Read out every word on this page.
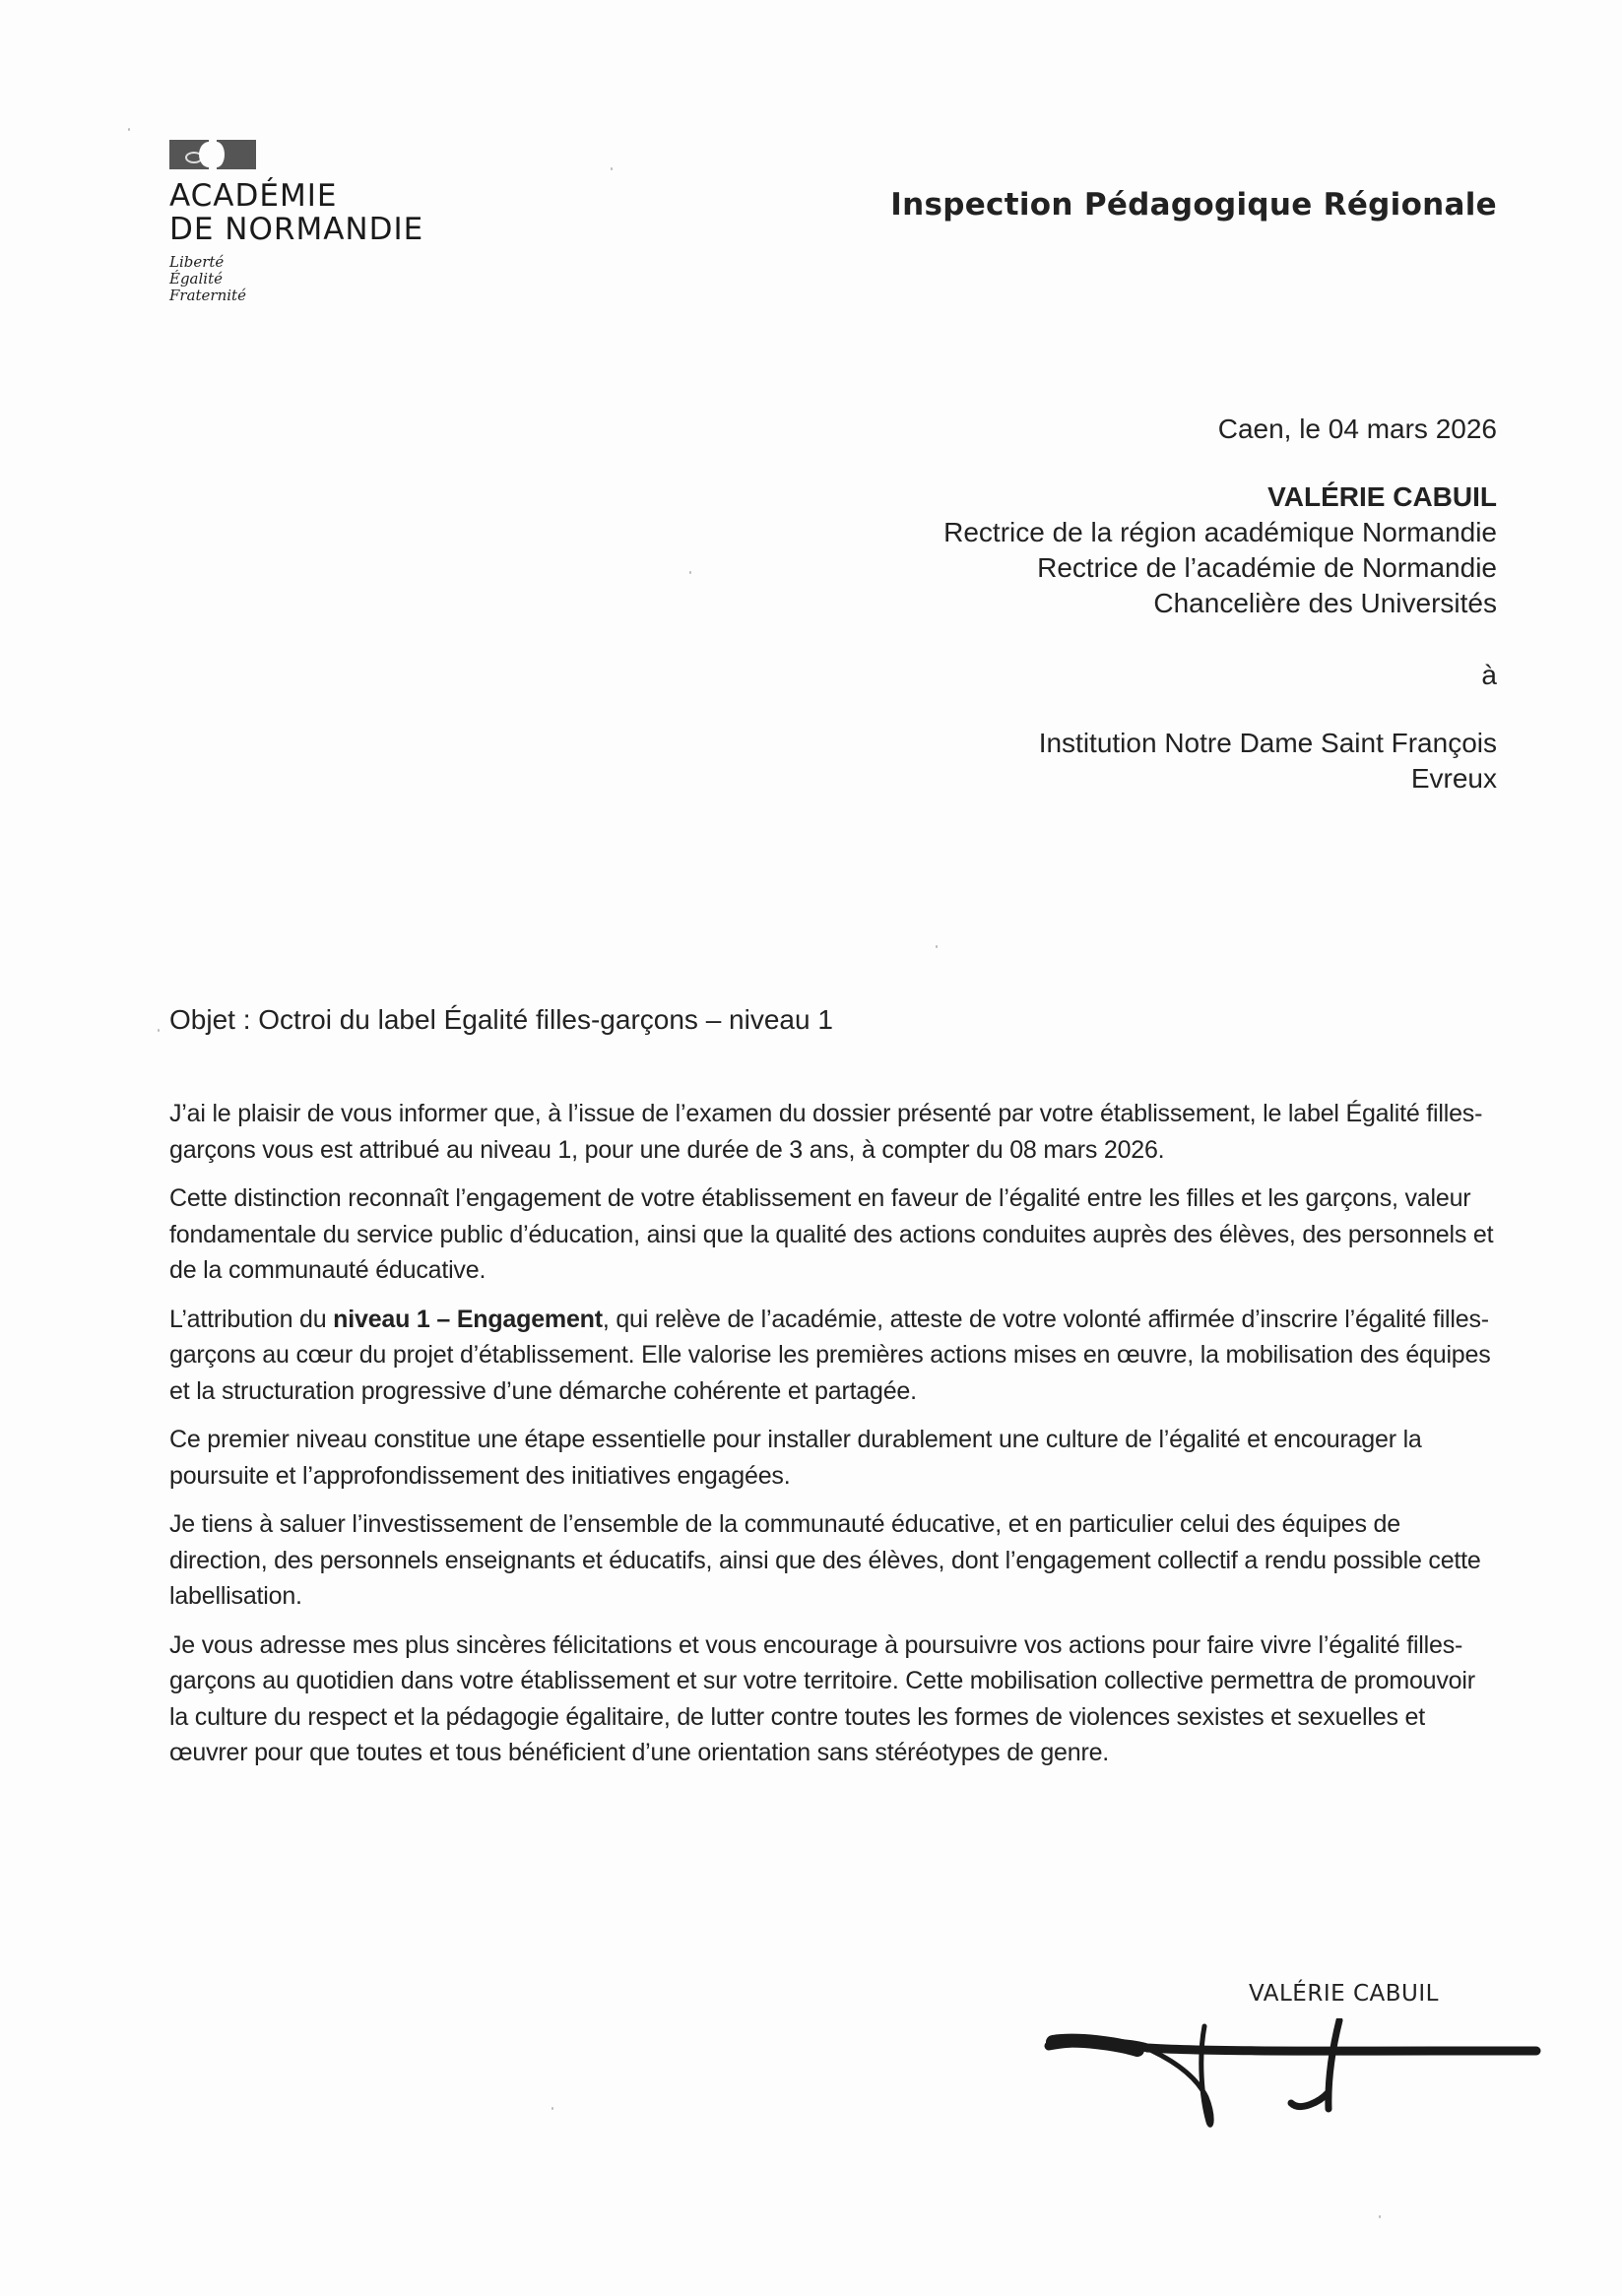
ACADÉMIE
DE NORMANDIE
Liberté
Égalité
Fraternité
Inspection Pédagogique Régionale
Caen, le 04 mars 2026
VALÉRIE CABUIL
Rectrice de la région académique Normandie
Rectrice de l’académie de Normandie
Chancelière des Universités
à
Institution Notre Dame Saint François
Evreux
Objet : Octroi du label Égalité filles-garçons – niveau 1

J’ai le plaisir de vous informer que, à l’issue de l’examen du dossier présenté par votre établissement, le label Égalité filles-garçons vous est attribué au niveau 1, pour une durée de 3 ans, à compter du 08 mars 2026.

Cette distinction reconnaît l’engagement de votre établissement en faveur de l’égalité entre les filles et les garçons, valeur fondamentale du service public d’éducation, ainsi que la qualité des actions conduites auprès des élèves, des personnels et de la communauté éducative.

L’attribution du niveau 1 – Engagement, qui relève de l’académie, atteste de votre volonté affirmée d’inscrire l’égalité filles-garçons au cœur du projet d’établissement. Elle valorise les premières actions mises en œuvre, la mobilisation des équipes et la structuration progressive d’une démarche cohérente et partagée.

Ce premier niveau constitue une étape essentielle pour installer durablement une culture de l’égalité et encourager la poursuite et l’approfondissement des initiatives engagées.

Je tiens à saluer l’investissement de l’ensemble de la communauté éducative, et en particulier celui des équipes de direction, des personnels enseignants et éducatifs, ainsi que des élèves, dont l’engagement collectif a rendu possible cette labellisation.

Je vous adresse mes plus sincères félicitations et vous encourage à poursuivre vos actions pour faire vivre l’égalité filles-garçons au quotidien dans votre établissement et sur votre territoire. Cette mobilisation collective permettra de promouvoir la culture du respect et la pédagogie égalitaire, de lutter contre toutes les formes de violences sexistes et sexuelles et œuvrer pour que toutes et tous bénéficient d’une orientation sans stéréotypes de genre.

VALÉRIE CABUIL
